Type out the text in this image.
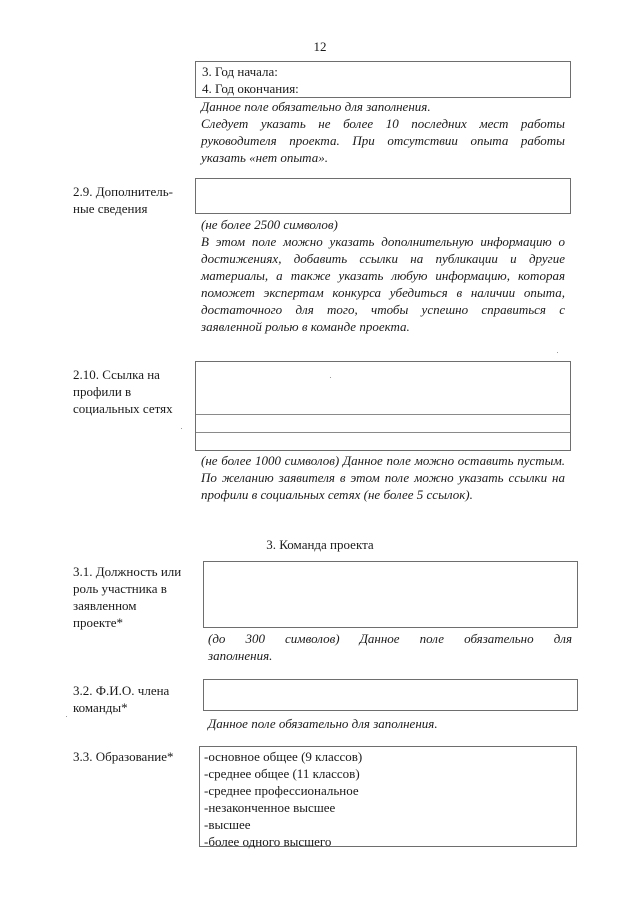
12
3. Год начала:
4. Год окончания:
Данное поле обязательно для заполнения.
Следует указать не более 10 последних мест работы руководителя проекта. При отсутствии опыта работы указать «нет опыта».
2.9. Дополнитель-
ные сведения
(не более 2500 символов)
В этом поле можно указать дополнительную информацию о достижениях, добавить ссылки на публикации и другие материалы, а также указать любую информацию, которая поможет экспертам конкурса убедиться в наличии опыта, достаточного для того, чтобы успешно справиться с заявленной ролью в команде проекта.
2.10. Ссылка на
профили в
социальных сетях
(не более 1000 символов) Данное поле можно оставить пустым. По желанию заявителя в этом поле можно указать ссылки на профили в социальных сетях (не более 5 ссылок).
3. Команда проекта
3.1. Должность или
роль участника в
заявленном
проекте*
(до 300 символов) Данное поле обязательно для
заполнения.
3.2. Ф.И.О. члена
команды*
Данное поле обязательно для заполнения.
3.3. Образование* -основное общее (9 классов)
-среднее общее (11 классов)
-среднее профессиональное
-незаконченное высшее
-высшее
-более одного высшего
